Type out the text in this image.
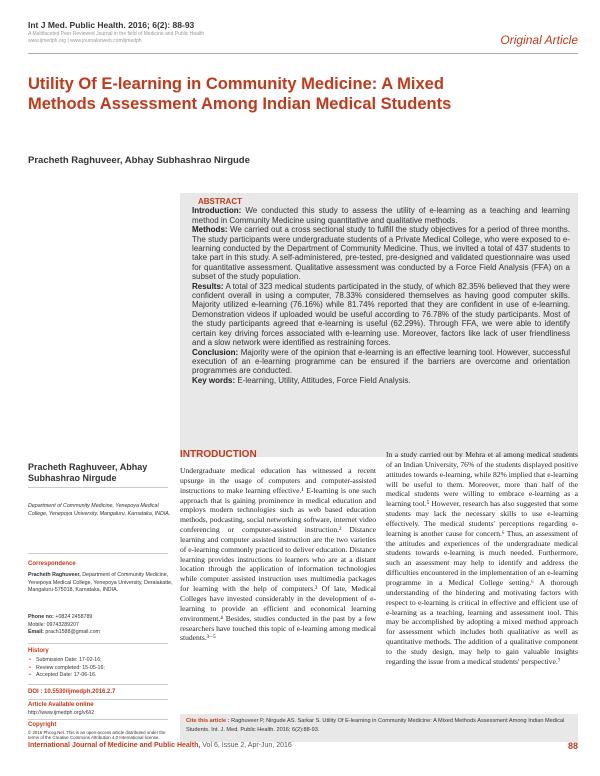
Int J Med. Public Health. 2016; 6(2): 88-93
A Multifaceted Peer Reviewed Journal in the field of Medicine and Public Health
www.ijmedph.org | www.journalonweb.com/ijmedph	Original Article
Utility Of E-learning in Community Medicine: A Mixed Methods Assessment Among Indian Medical Students
Pracheth Raghuveer, Abhay Subhashrao Nirgude
ABSTRACT

Introduction: We conducted this study to assess the utility of e-learning as a teaching and learning method in Community Medicine using quantitative and qualitative methods.

Methods: We carried out a cross sectional study to fulfill the study objectives for a period of three months. The study participants were undergraduate students of a Private Medical College, who were exposed to e-learning conducted by the Department of Community Medicine. Thus, we invited a total of 437 students to take part in this study. A self-administered, pre-tested, pre-designed and validated questionnaire was used for quantitative assessment. Qualitative assessment was conducted by a Force Field Analysis (FFA) on a subset of the study population.

Results: A total of 323 medical students participated in the study, of which 82.35% believed that they were confident overall in using a computer, 78.33% considered themselves as having good computer skills. Majority utilized e-learning (76.16%) while 81.74% reported that they are confident in use of e-learning. Demonstration videos if uploaded would be useful according to 76.78% of the study participants. Most of the study participants agreed that e-learning is useful (62.29%). Through FFA, we were able to identify certain key driving forces associated with e-learning use. Moreover, factors like lack of user friendliness and a slow network were identified as restraining forces.

Conclusion: Majority were of the opinion that e-learning is an effective learning tool. However, successful execution of an e-learning programme can be ensured if the barriers are overcome and orientation programmes are conducted.

Key words: E-learning, Utility, Attitudes, Force Field Analysis.

Pracheth Raghuveer, Abhay Subhashrao Nirgude
Department of Community Medicine, Yenepoya Medical College, Yenepoya University, Mangaluru, Karnataka, INDIA.
Correspondence
Pracheth Raghuveer, Department of Community Medicine, Yenepoya Medical College, Yenepoya University, Deralakatte, Mangaluru-575018, Karnataka, INDIA.
Phone no: +0824 2458789
Mobile: 09743289207
Email: prach1588@gmail.com
History
• Submission Date: 17-02-16;
• Review completed: 15-05-16;
• Accepted Date: 17-06-16.
DOI : 10.5530/ijmedph.2016.2.7
Article Available online
http://www.ijmedph.org/v6/i2
Copyright
© 2016 Phcog.Net. This is an open-access article distributed under the terms of the Creative Commons Attribution 4.0 International license.
INTRODUCTION
Undergraduate medical education has witnessed a recent upsurge in the usage of computers and computer-assisted instructions to make learning effective.¹ E-learning is one such approach that is gaining prominence in medical education and employs modern technologies such as web based education methods, podcasting, social networking software, internet video conferencing or computer-assisted instruction.² Distance learning and computer assisted instruction are the two varieties of e-learning commonly practiced to deliver education. Distance learning provides instructions to learners who are at a distant location through the application of information technologies while computer assisted instruction uses multimedia packages for learning with the help of computers.³ Of late, Medical Colleges have invested considerably in the development of e-learning to provide an efficient and economical learning environment.⁴ Besides, studies conducted in the past by a few researchers have touched this topic of e-learning among medical students.³⁻⁵
In a study carried out by Mehra et al among medical students of an Indian University, 76% of the students displayed positive attitudes towards e-learning, while 82% implied that e-learning will be useful to them. Moreover, more than half of the medical students were willing to embrace e-learning as a learning tool.⁵ However, research has also suggested that some students may lack the necessary skills to use e-learning effectively. The medical students' perceptions regarding e-learning is another cause for concern.⁶ Thus, an assessment of the attitudes and experiences of the undergraduate medical students towards e-learning is much needed. Furthermore, such an assessment may help to identify and address the difficulties encountered in the implementation of an e-learning programme in a Medical College setting.⁶ A thorough understanding of the hindering and motivating factors with respect to e-learning is critical in effective and efficient use of e-learning as a teaching, learning and assessment tool. This may be accomplished by adopting a mixed method approach for assessment which includes both qualitative as well as quantitative methods. The addition of a qualitative component to the study design, may help to gain valuable insights regarding the issue from a medical students' perspective.⁷
Cite this article : Raghuveer P, Nirgude AS. Sarkar S. Utility Of E-learning in Community Medicine: A Mixed Methods Assessment Among Indian Medical Students. Int. J. Med. Public Health. 2016; 6(2):88-93.
International Journal of Medicine and Public Health, Vol 6, Issue 2, Apr-Jun, 2016	88
